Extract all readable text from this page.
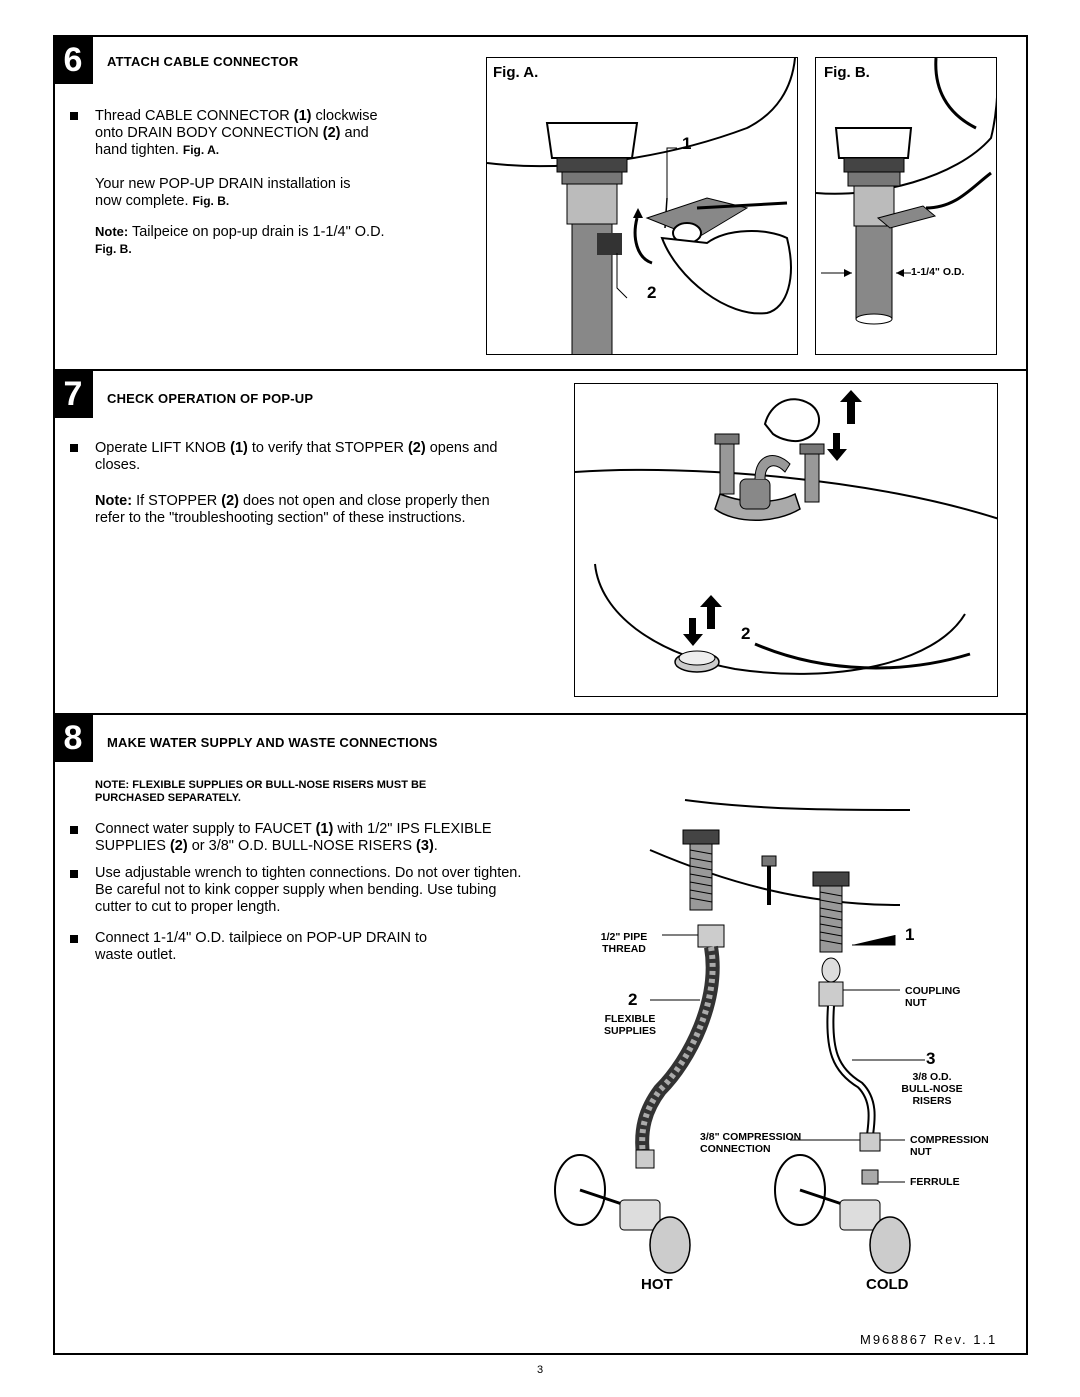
6	ATTACH CABLE CONNECTOR
Thread CABLE CONNECTOR (1) clockwise
onto DRAIN BODY CONNECTION (2) and
hand tighten. Fig. A.
Your new POP-UP DRAIN installation is
now complete. Fig. B.
Note: Tailpeice on pop-up drain is 1-1/4" O.D.
Fig. B.
Fig. A.
1
2
Fig. B.
1-1/4" O.D.
7	CHECK OPERATION OF POP-UP
Operate LIFT KNOB (1) to verify that STOPPER (2) opens and
closes.
Note: If STOPPER (2) does not open and close properly then
refer to the "troubleshooting section" of these instructions.
2
8	MAKE WATER SUPPLY AND WASTE CONNECTIONS
NOTE: FLEXIBLE SUPPLIES OR BULL-NOSE RISERS MUST BE
PURCHASED SEPARATELY.
Connect water supply to FAUCET (1) with 1/2" IPS FLEXIBLE
SUPPLIES (2) or 3/8" O.D. BULL-NOSE RISERS (3).
Use adjustable wrench to tighten connections. Do not over tighten.
Be careful not to kink copper supply when bending. Use tubing
cutter to cut to proper length.
Connect 1-1/4" O.D. tailpiece on POP-UP DRAIN to
waste outlet.
1/2" PIPE
THREAD
FLEXIBLE
SUPPLIES
COUPLING
NUT
3/8 O.D.
BULL-NOSE
RISERS
3/8" COMPRESSION
CONNECTION
COMPRESSION
NUT
FERRULE
1
2
3
HOT	COLD
M968867 Rev. 1.1
3
